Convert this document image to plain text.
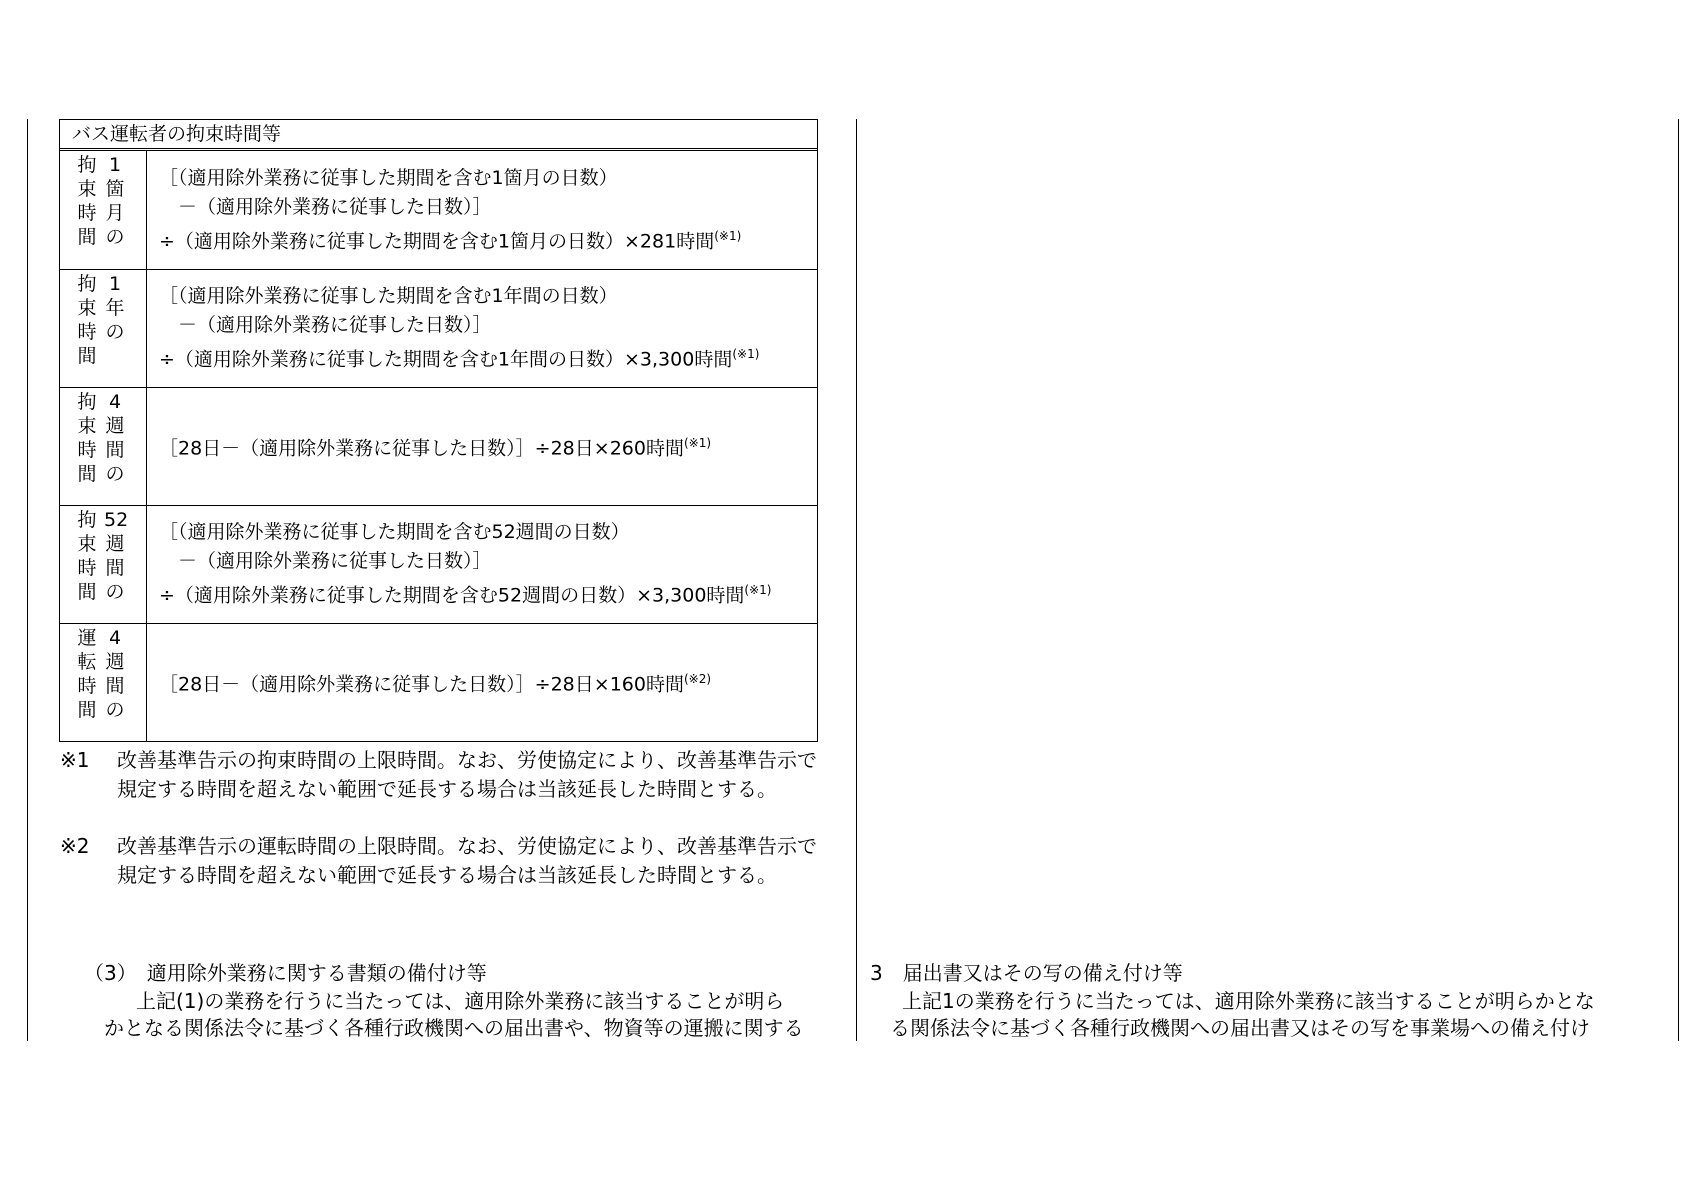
バス運転者の拘束時間等
拘
束
時
間
1
箇
月
の
［（適用除外業務に従事した期間を含む1箇月の日数）
　－（適用除外業務に従事した日数）］
÷（適用除外業務に従事した期間を含む1箇月の日数）×281時間$^{(※1)}$
拘
束
時
間
1
年
の
［（適用除外業務に従事した期間を含む1年間の日数）
　－（適用除外業務に従事した日数）］
÷（適用除外業務に従事した期間を含む1年間の日数）×3,300時間$^{(※1)}$
拘
束
時
間
4
週
間
の
［28日－（適用除外業務に従事した日数）］÷28日×260時間$^{(※1)}$
拘
束
時
間
52
週
間
の
［（適用除外業務に従事した期間を含む52週間の日数）
　－（適用除外業務に従事した日数）］
÷（適用除外業務に従事した期間を含む52週間の日数）×3,300時間$^{(※1)}$
運
転
時
間
4
週
間
の
［28日－（適用除外業務に従事した日数）］÷28日×160時間$^{(※2)}$
※1 改善基準告示の拘束時間の上限時間。なお、労使協定により、改善基準告示で規定する時間を超えない範囲で延長する場合は当該延長した時間とする。
※2 改善基準告示の運転時間の上限時間。なお、労使協定により、改善基準告示で規定する時間を超えない範囲で延長する場合は当該延長した時間とする。
（3）　適用除外業務に関する書類の備付け等
上記(1)の業務を行うに当たっては、適用除外業務に該当することが明ら
かとなる関係法令に基づく各種行政機関への届出書や、物資等の運搬に関する
3　届出書又はその写の備え付け等
上記1の業務を行うに当たっては、適用除外業務に該当することが明らかとな
る関係法令に基づく各種行政機関への届出書又はその写を事業場への備え付け
